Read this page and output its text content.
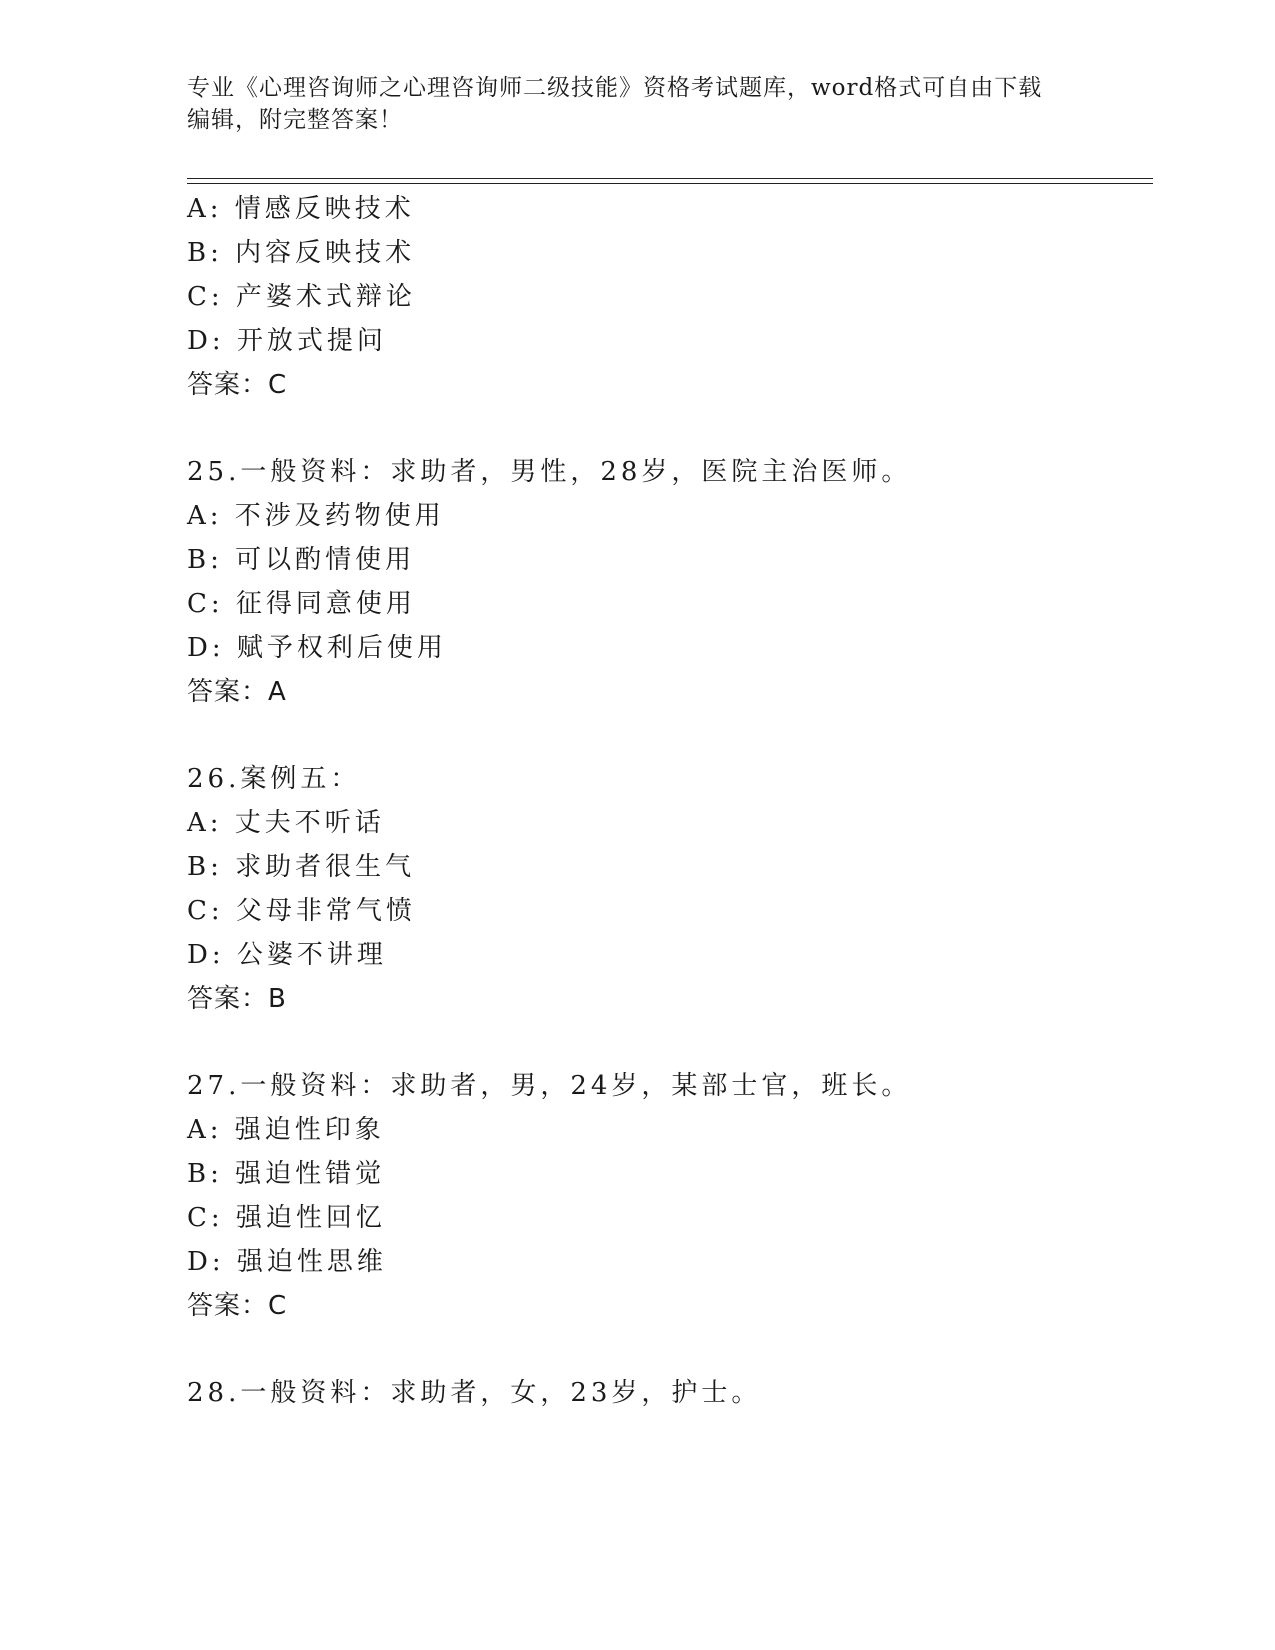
专业《心理咨询师之心理咨询师二级技能》资格考试题库，word格式可自由下载
编辑，附完整答案！
A: 情感反映技术
B: 内容反映技术
C: 产婆术式辩论
D: 开放式提问
答案：C
25.一般资料：求助者，男性，28岁，医院主治医师。
A: 不涉及药物使用
B: 可以酌情使用
C: 征得同意使用
D: 赋予权利后使用
答案：A
26.案例五：
A: 丈夫不听话
B: 求助者很生气
C: 父母非常气愤
D: 公婆不讲理
答案：B
27.一般资料：求助者，男，24岁，某部士官，班长。
A: 强迫性印象
B: 强迫性错觉
C: 强迫性回忆
D: 强迫性思维
答案：C
28.一般资料：求助者，女，23岁，护士。
